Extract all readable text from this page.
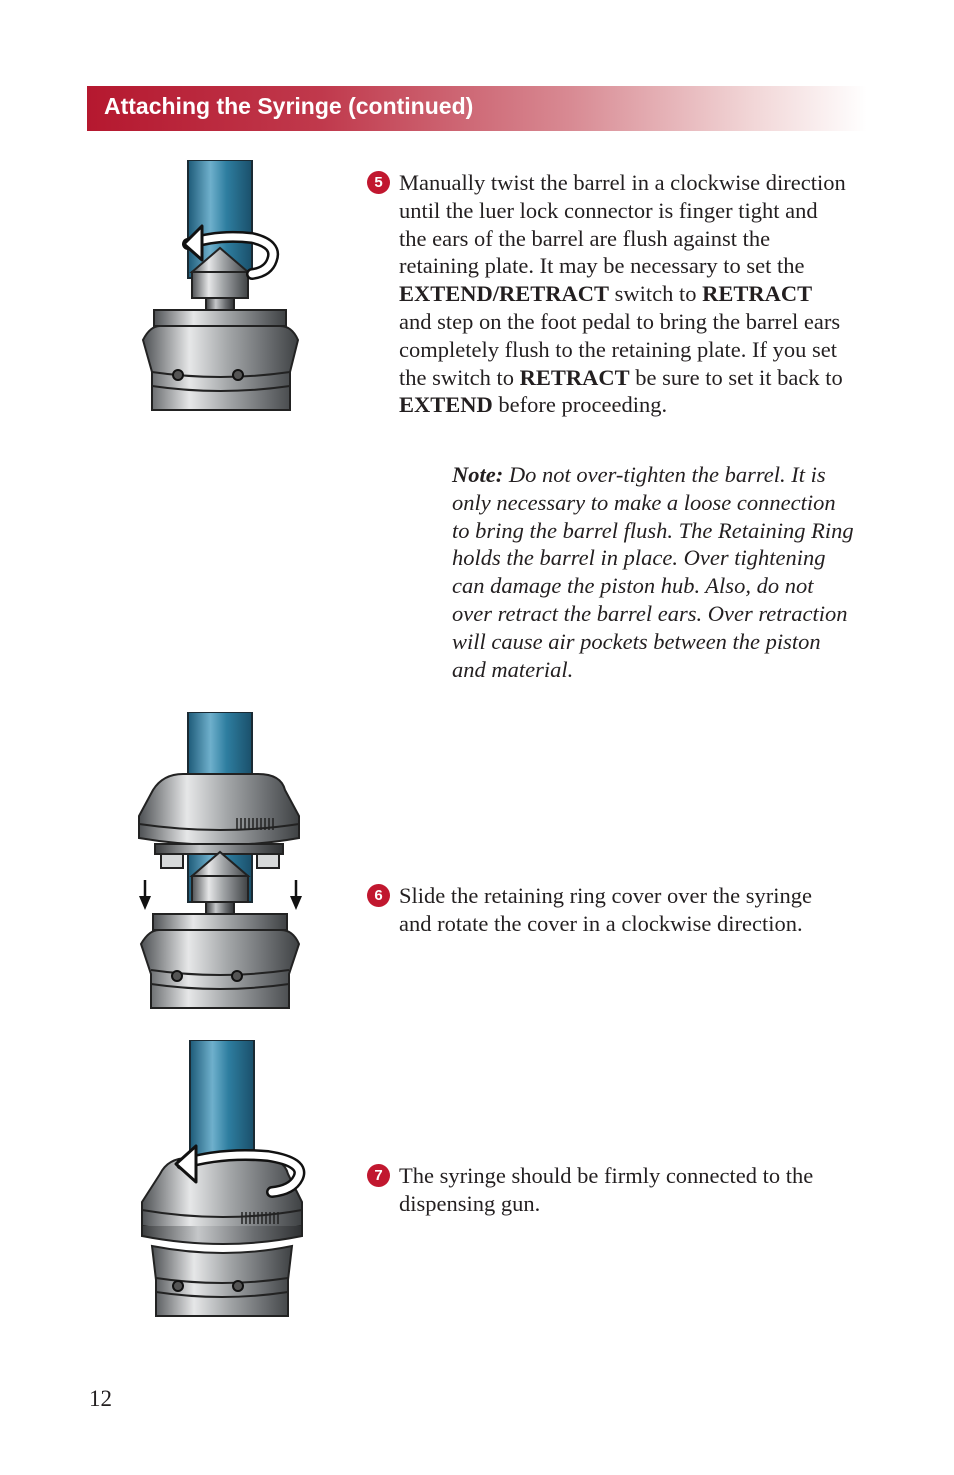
Attaching the Syringe (continued)
5 Manually twist the barrel in a clockwise direction until the luer lock connector is finger tight and the ears of the barrel are flush against the retaining plate. It may be necessary to set the EXTEND/RETRACT switch to RETRACT and step on the foot pedal to bring the barrel ears completely flush to the retaining plate. If you set the switch to RETRACT be sure to set it back to EXTEND before proceeding.
Note: Do not over-tighten the barrel. It is only necessary to make a loose connection to bring the barrel flush. The Retaining Ring holds the barrel in place. Over tightening can damage the piston hub. Also, do not over retract the barrel ears. Over retraction will cause air pockets between the piston and material.
6 Slide the retaining ring cover over the syringe and rotate the cover in a clockwise direction.
7 The syringe should be firmly connected to the dispensing gun.
12
